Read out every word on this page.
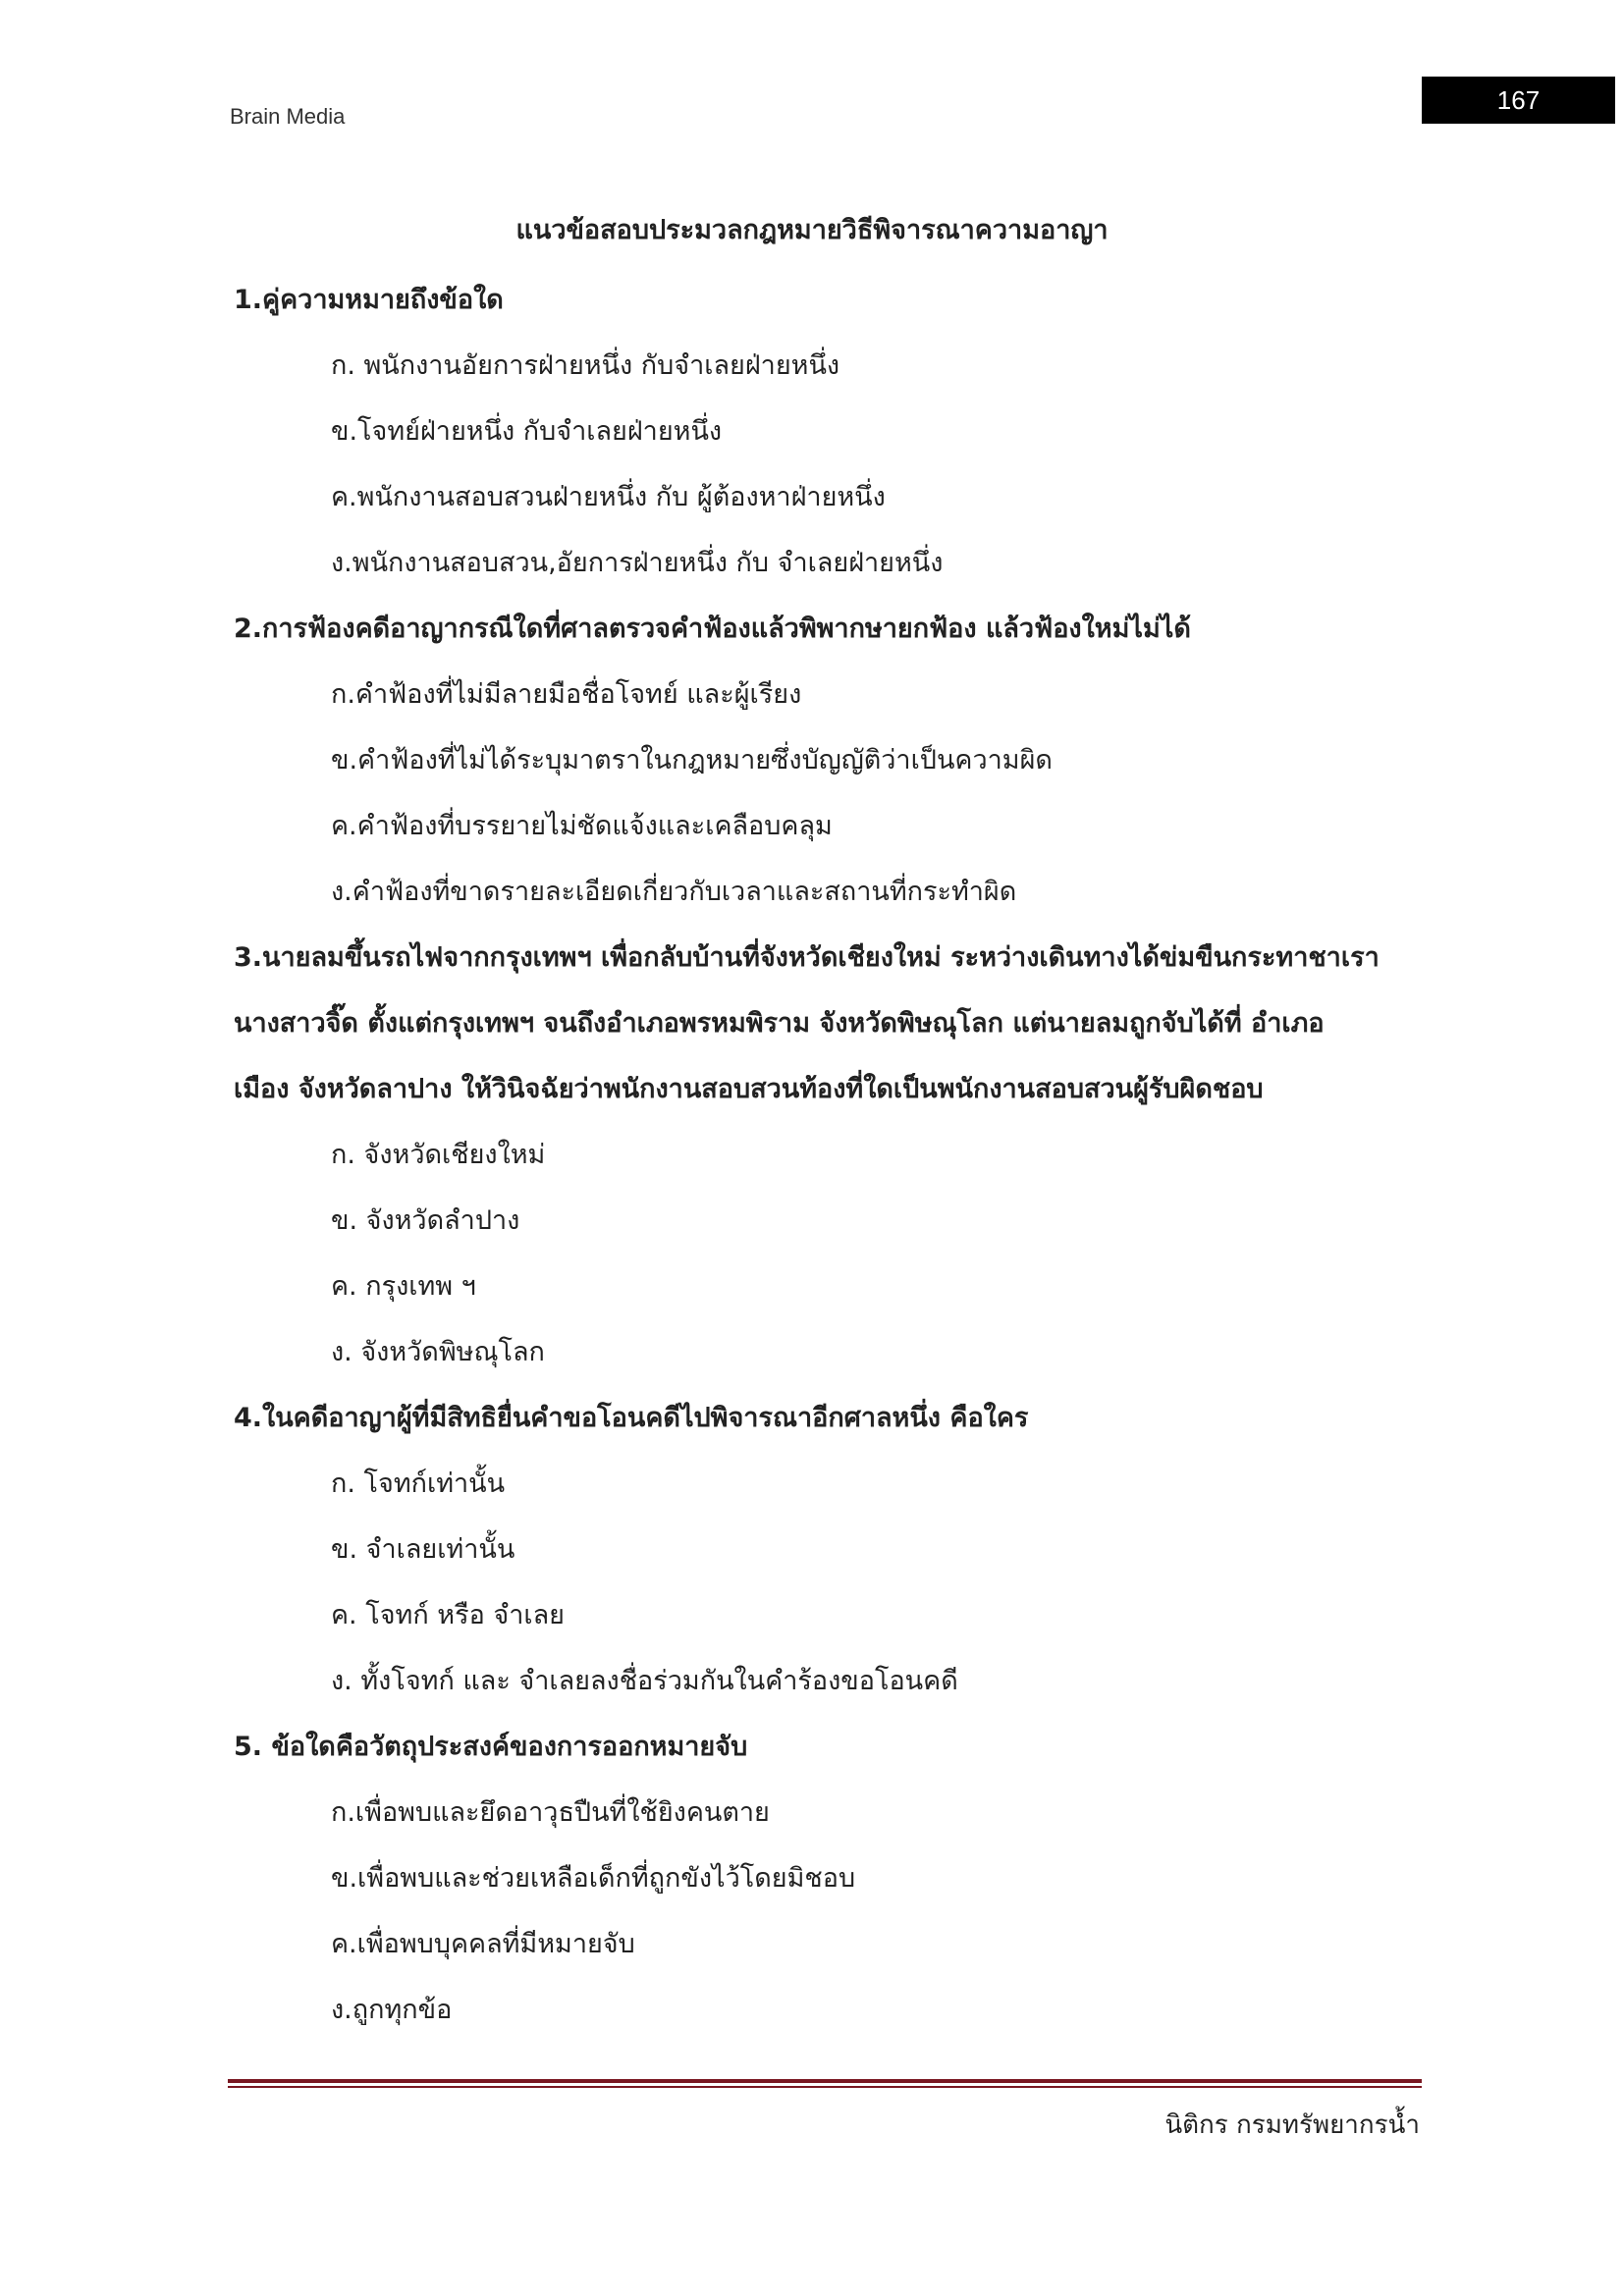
Brain Media
167
แนวข้อสอบประมวลกฎหมายวิธีพิจารณาความอาญา
1.คู่ความหมายถึงข้อใด
ก. พนักงานอัยการฝ่ายหนึ่ง กับจำเลยฝ่ายหนึ่ง
ข.โจทย์ฝ่ายหนึ่ง กับจำเลยฝ่ายหนึ่ง
ค.พนักงานสอบสวนฝ่ายหนึ่ง กับ ผู้ต้องหาฝ่ายหนึ่ง
ง.พนักงานสอบสวน,อัยการฝ่ายหนึ่ง กับ จำเลยฝ่ายหนึ่ง
2.การฟ้องคดีอาญากรณีใดที่ศาลตรวจคำฟ้องแล้วพิพากษายกฟ้อง แล้วฟ้องใหม่ไม่ได้
ก.คำฟ้องที่ไม่มีลายมือชื่อโจทย์ และผู้เรียง
ข.คำฟ้องที่ไม่ได้ระบุมาตราในกฎหมายซึ่งบัญญัติว่าเป็นความผิด
ค.คำฟ้องที่บรรยายไม่ชัดแจ้งและเคลือบคลุม
ง.คำฟ้องที่ขาดรายละเอียดเกี่ยวกับเวลาและสถานที่กระทำผิด
3.นายลมขึ้นรถไฟจากกรุงเทพฯ เพื่อกลับบ้านที่จังหวัดเชียงใหม่ ระหว่างเดินทางได้ข่มขืนกระทาชาเรา
นางสาวจิ๊ด ตั้งแต่กรุงเทพฯ จนถึงอำเภอพรหมพิราม จังหวัดพิษณุโลก แต่นายลมถูกจับได้ที่ อำเภอ
เมือง จังหวัดลาปาง ให้วินิจฉัยว่าพนักงานสอบสวนท้องที่ใดเป็นพนักงานสอบสวนผู้รับผิดชอบ
ก. จังหวัดเชียงใหม่
ข. จังหวัดลำปาง
ค. กรุงเทพ ฯ
ง. จังหวัดพิษณุโลก
4.ในคดีอาญาผู้ที่มีสิทธิยื่นคำขอโอนคดีไปพิจารณาอีกศาลหนึ่ง คือใคร
ก. โจทก์เท่านั้น
ข. จำเลยเท่านั้น
ค. โจทก์ หรือ จำเลย
ง. ทั้งโจทก์ และ จำเลยลงชื่อร่วมกันในคำร้องขอโอนคดี
5. ข้อใดคือวัตถุประสงค์ของการออกหมายจับ
ก.เพื่อพบและยึดอาวุธปืนที่ใช้ยิงคนตาย
ข.เพื่อพบและช่วยเหลือเด็กที่ถูกขังไว้โดยมิชอบ
ค.เพื่อพบบุคคลที่มีหมายจับ
ง.ถูกทุกข้อ
นิติกร กรมทรัพยากรน้ำ
